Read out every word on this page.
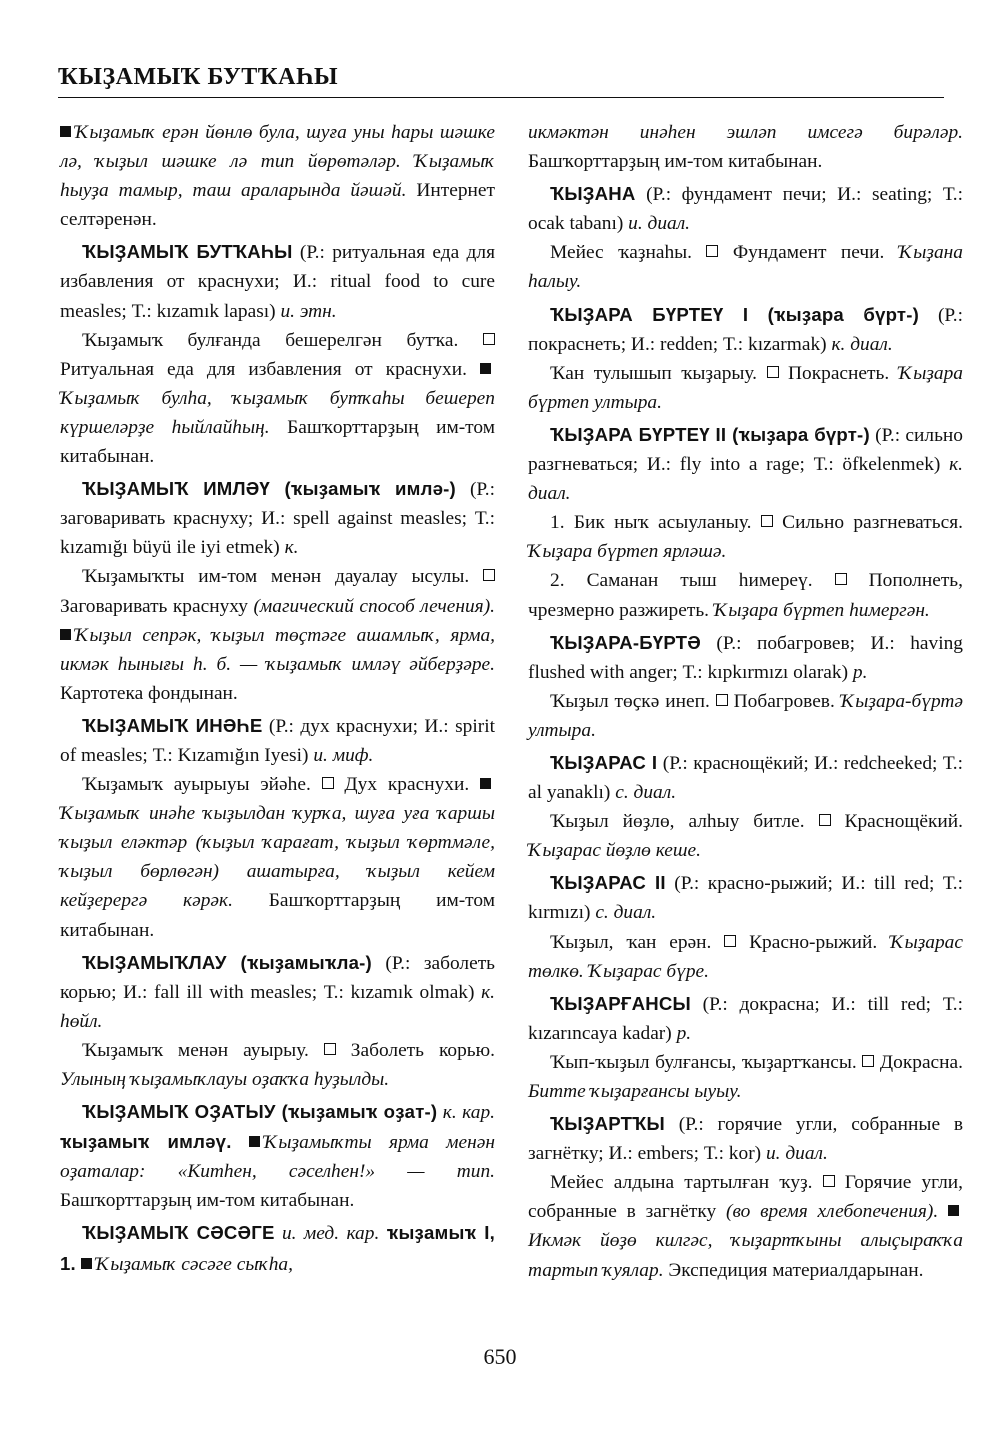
ҠЫҘАМЫҠ БУТҠАҺЫ

Ҡыҙамыҡ ерән йөнлө була, шуға уны һары шәшке лә, ҡыҙыл шәшке лә тип йөрөтәләр. Ҡыҙамыҡ һыуҙа тамыр, таш араларында йәшәй. Интернет селтәренән.

ҠЫҘАМЫҠ БУТҠАҺЫ (Р.: ритуальная еда для избавления от краснухи; И.: ritual food to cure measles; Т.: kızamık lapası) и. этн.

Ҡыҙамыҡ булғанда бешерелгән бутҡа.  Ритуальная еда для избавления от краснухи. Ҡыҙамыҡ булһа, ҡыҙамыҡ бутҡаһы бешереп күршеләрҙе һыйлайһың. Башҡорттарҙың им-том китабынан.

ҠЫҘАМЫҠ ИМЛӘҮ (ҡыҙамыҡ имлә-) (Р.: заговаривать краснуху; И.: spell against measles; Т.: kızamığı büyü ile iyi etmek) к.

Ҡыҙамыҡты им-том менән дауалау ысулы.  Заговаривать краснуху (магический способ лечения). Ҡыҙыл сепрәк, ҡыҙыл төҫтәге ашамлыҡ, ярма, икмәк һынығы һ. б. — ҡыҙамыҡ имләү әйберҙәре. Картотека фондынан.

ҠЫҘАМЫҠ ИНӘҺЕ (Р.: дух краснухи; И.: spirit of measles; Т.: Kızamığın Iyesi) и. миф.

Ҡыҙамыҡ ауырыуы эйәһе.  Дух краснухи. Ҡыҙамыҡ инәһе ҡыҙылдан ҡурҡа, шуға уға ҡаршы ҡыҙыл еләктәр (ҡыҙыл ҡарағат, ҡыҙыл ҡөртмәле, ҡыҙыл бөрлөгән) ашатырға, ҡыҙыл кейем кейҙерергә кәрәк. Башҡорттарҙың им-том китабынан.

ҠЫҘАМЫҠЛАУ (ҡыҙамыҡла-) (Р.: заболеть корью; И.: fall ill with measles; Т.: kızamık olmak) к. һөйл.

Ҡыҙамыҡ менән ауырыу.  Заболеть корью. Улының ҡыҙамыҡлауы оҙаҡҡа һуҙылды.

ҠЫҘАМЫҠ ОҘАТЫУ (ҡыҙамыҡ оҙат-) к. кар. ҡыҙамыҡ имләү. Ҡыҙамыҡты ярма менән оҙаталар: «Китһен, сәселһен!» — тип. Башҡорттарҙың им-том китабынан.

ҠЫҘАМЫҠ СӘСӘГЕ и. мед. кар. ҡыҙамыҡ I, 1. Ҡыҙамыҡ сәсәге сыҡһа,

икмәктән инәһен эшләп имсегә бирәләр. Башҡорттарҙың им-том китабынан.

ҠЫҘАНА (Р.: фундамент печи; И.: seating; Т.: ocak tabanı) и. диал.

Мейес ҡаҙнаһы.  Фундамент печи. Ҡыҙана һалыу.

ҠЫҘАРА БҮРТЕҮ I (ҡыҙара бүрт-) (Р.: покраснеть; И.: redden; Т.: kızarmak) к. диал.

Ҡан тулышып ҡыҙарыу.  Покраснеть. Ҡыҙара бүртеп ултыра.

ҠЫҘАРА БҮРТЕҮ II (ҡыҙара бүрт-) (Р.: сильно разгневаться; И.: fly into a rage; Т.: öfkelenmek) к. диал.

1. Бик ныҡ асыуланыу.  Сильно разгневаться. Ҡыҙара бүртеп ярләшә.

2. Саманан тыш һимереү.  Пополнеть, чрезмерно разжиреть. Ҡыҙара бүртеп һимергән.

ҠЫҘАРА-БҮРТӘ (Р.: побагровев; И.: having flushed with anger; Т.: kıpkırmızı olarak) р.

Ҡыҙыл төҫкә инеп.  Побагровев. Ҡыҙара-бүртә ултыра.

ҠЫҘАРАС I (Р.: краснощёкий; И.: redcheeked; Т.: al yanaklı) с. диал.

Ҡыҙыл йөҙлө, алһыу битле.  Краснощёкий. Ҡыҙарас йөҙлө кеше.

ҠЫҘАРАС II (Р.: красно-рыжий; И.: till red; Т.: kırmızı) с. диал.

Ҡыҙыл, ҡан ерән.  Красно-рыжий. Ҡыҙарас төлкө. Ҡыҙарас бүре.

ҠЫҘАРҒАНСЫ (Р.: докрасна; И.: till red; Т.: kızarıncaya kadar) р.

Ҡып-ҡыҙыл булғансы, ҡыҙартҡансы.  Докрасна. Битте ҡыҙарғансы ыуыу.

ҠЫҘАРТҠЫ (Р.: горячие угли, собранные в загнётку; И.: embers; Т.: kor) и. диал.

Мейес алдына тартылған ҡуҙ.  Горячие угли, собранные в загнётку (во время хлебопечения). Икмәк йөҙө килгәс, ҡыҙартҡыны алыҫыраҡҡа тартып ҡуялар. Экспедиция материалдарынан.

650
